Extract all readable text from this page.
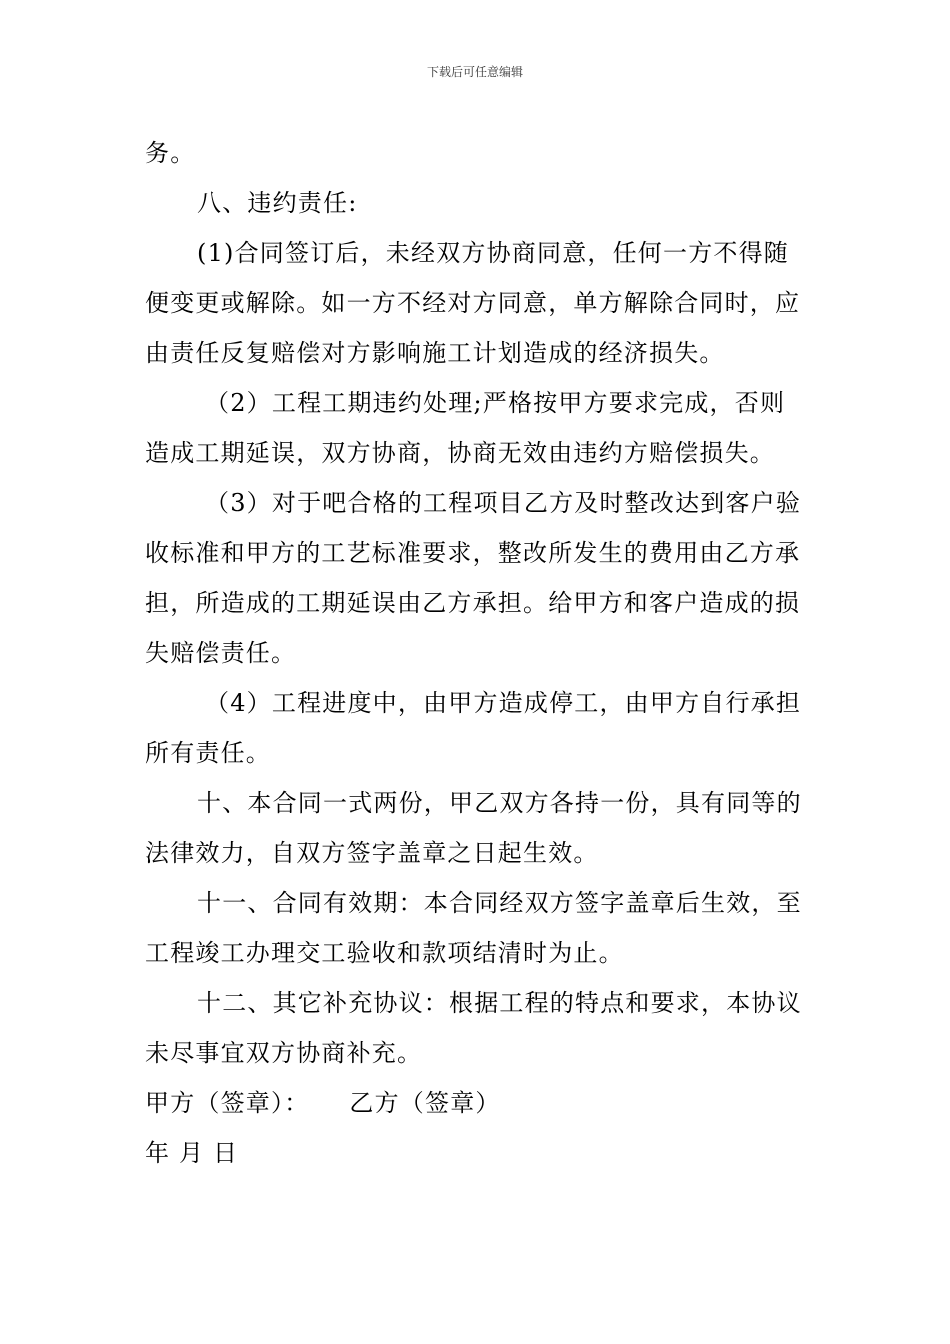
下载后可任意编辑

务。

八、违约责任:

(1)合同签订后，未经双方协商同意，任何一方不得随便变更或解除。如一方不经对方同意，单方解除合同时，应由责任反复赔偿对方影响施工计划造成的经济损失。

（2）工程工期违约处理;严格按甲方要求完成，否则造成工期延误，双方协商，协商无效由违约方赔偿损失。

（3）对于吧合格的工程项目乙方及时整改达到客户验收标准和甲方的工艺标准要求，整改所发生的费用由乙方承担，所造成的工期延误由乙方承担。给甲方和客户造成的损失赔偿责任。

（4）工程进度中，由甲方造成停工，由甲方自行承担所有责任。

十、本合同一式两份，甲乙双方各持一份，具有同等的法律效力，自双方签字盖章之日起生效。

十一、合同有效期：本合同经双方签字盖章后生效，至工程竣工办理交工验收和款项结清时为止。

十二、其它补充协议：根据工程的特点和要求，本协议未尽事宜双方协商补充。

甲方（签章）： 乙方（签章）

年 月 日
